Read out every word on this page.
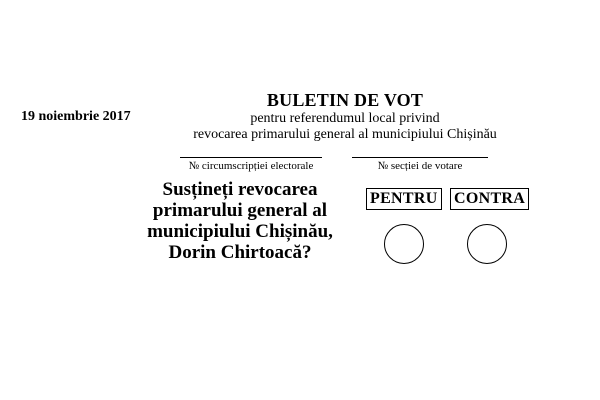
19 noiembrie 2017
BULETIN DE VOT
pentru referendumul local privind
revocarea primarului general al municipiului Chișinău
№ circumscripției electorale	№ secției de votare
Susțineți revocarea
primarului general al
municipiului Chișinău,
Dorin Chirtoacă?
PENTRU CONTRA
